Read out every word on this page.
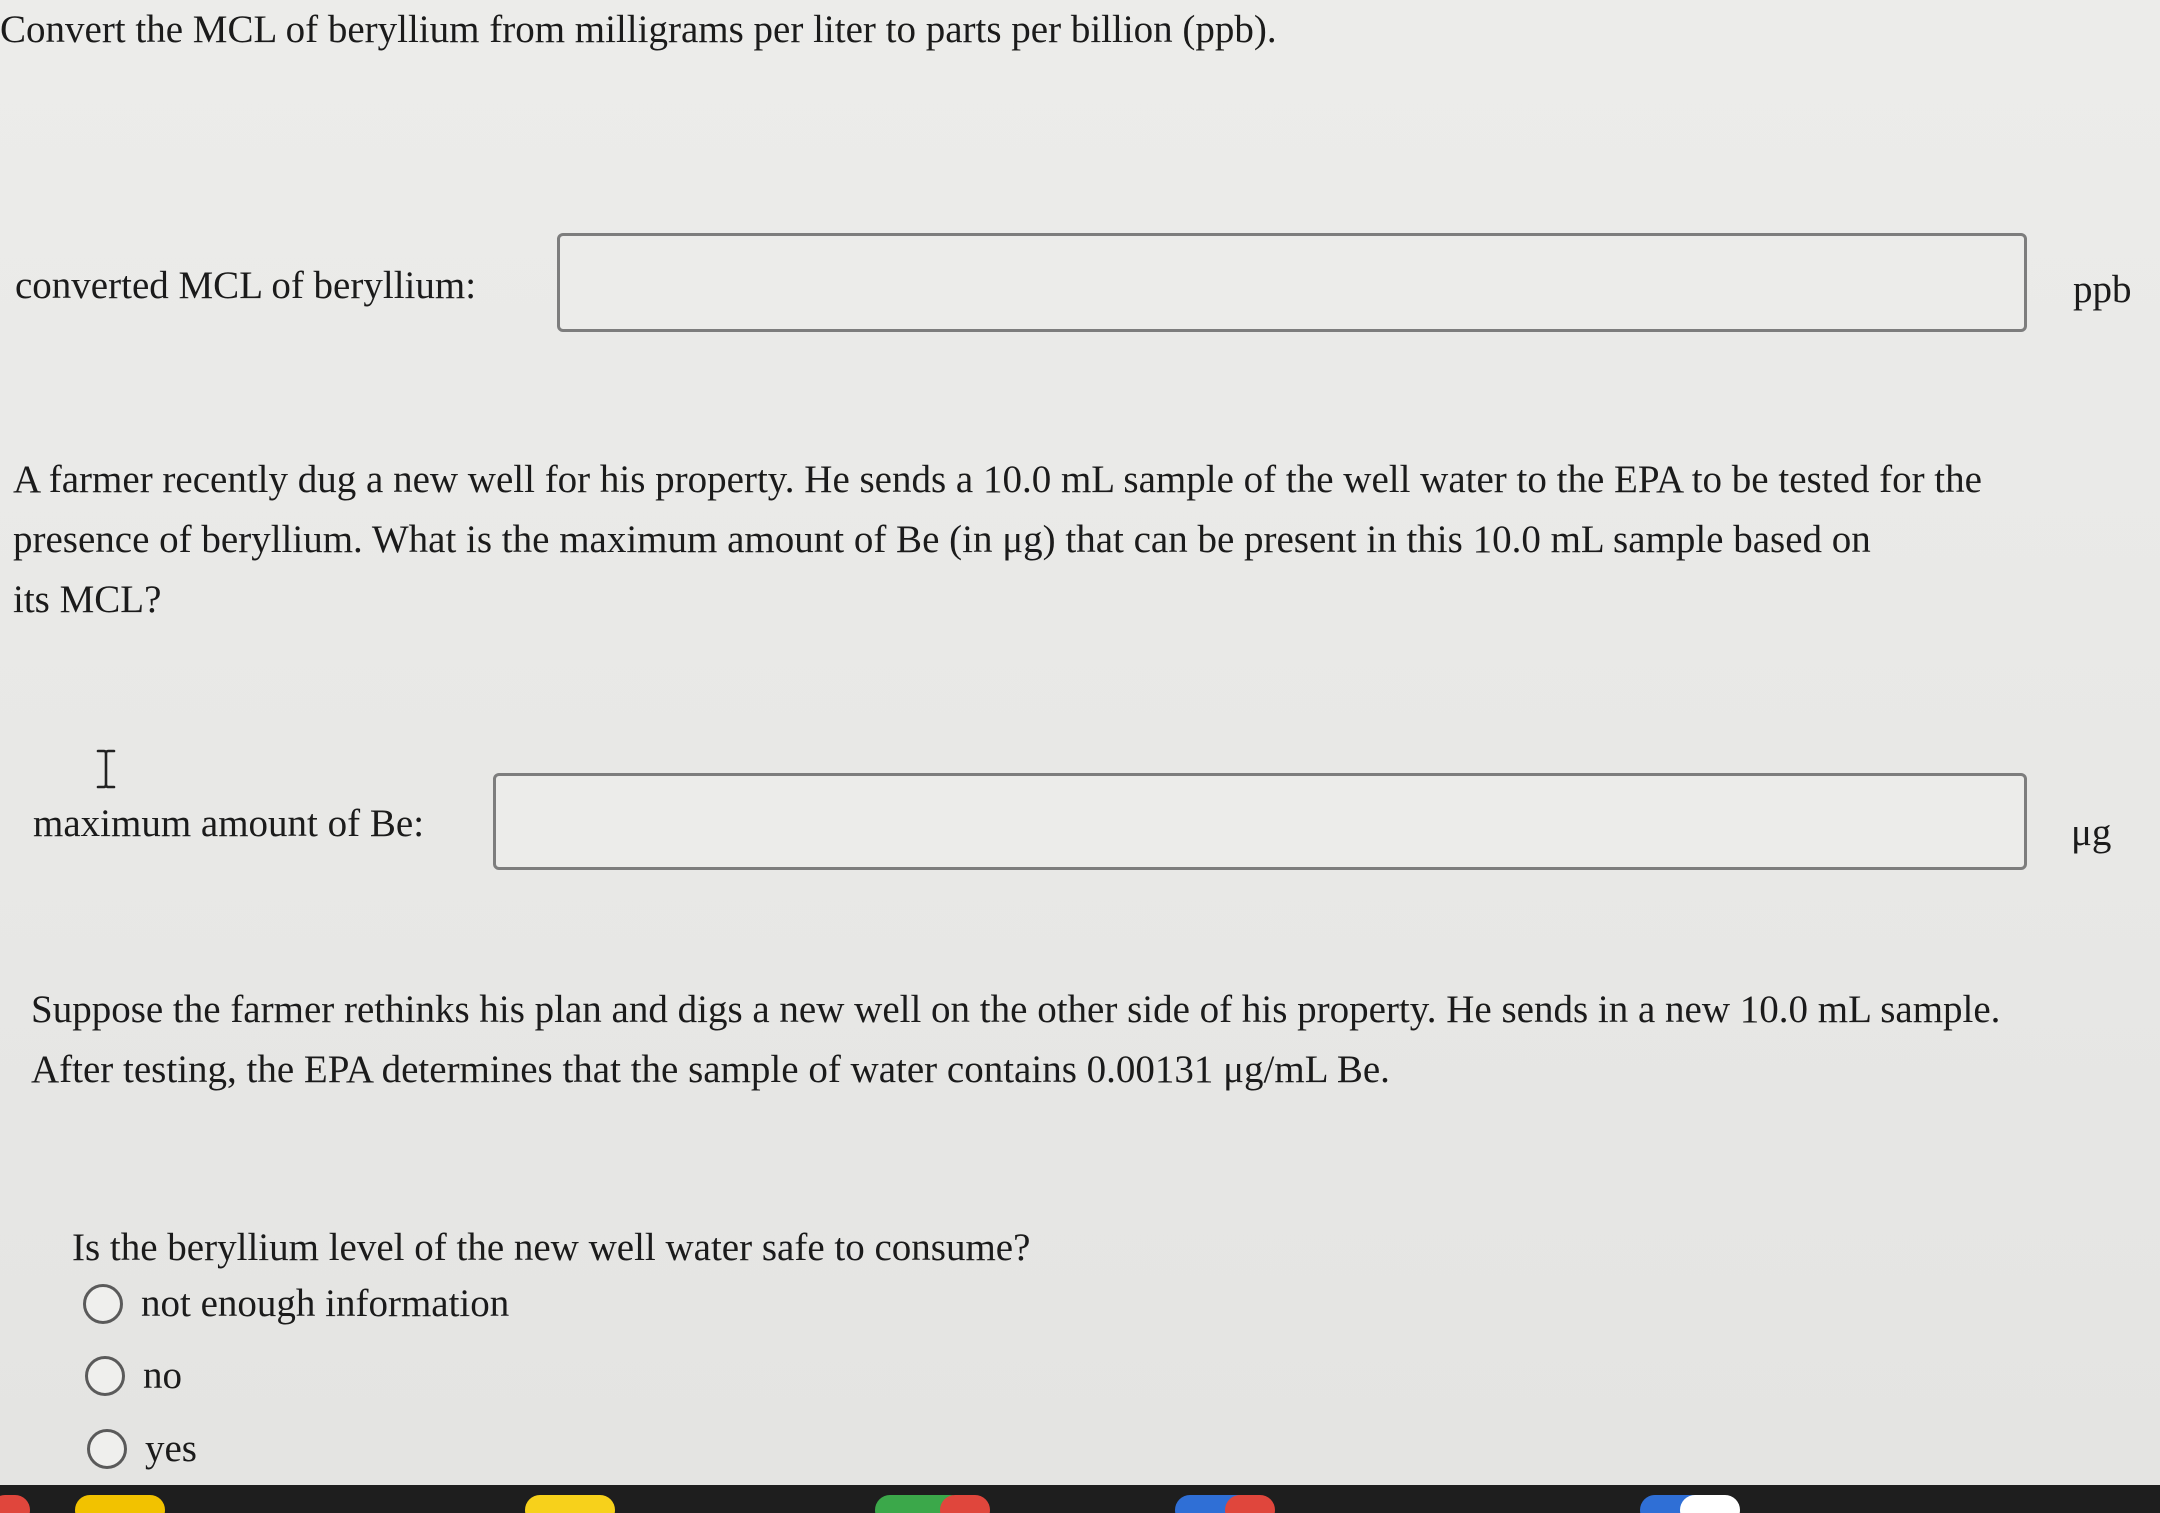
Convert the MCL of beryllium from milligrams per liter to parts per billion (ppb).
converted MCL of beryllium:	ppb
A farmer recently dug a new well for his property. He sends a 10.0 mL sample of the well water to the EPA to be tested for the
presence of beryllium. What is the maximum amount of Be (in μg) that can be present in this 10.0 mL sample based on
its MCL?
maximum amount of Be:	μg
Suppose the farmer rethinks his plan and digs a new well on the other side of his property. He sends in a new 10.0 mL sample.
After testing, the EPA determines that the sample of water contains 0.00131 μg/mL Be.
Is the beryllium level of the new well water safe to consume?
not enough information
no
yes
